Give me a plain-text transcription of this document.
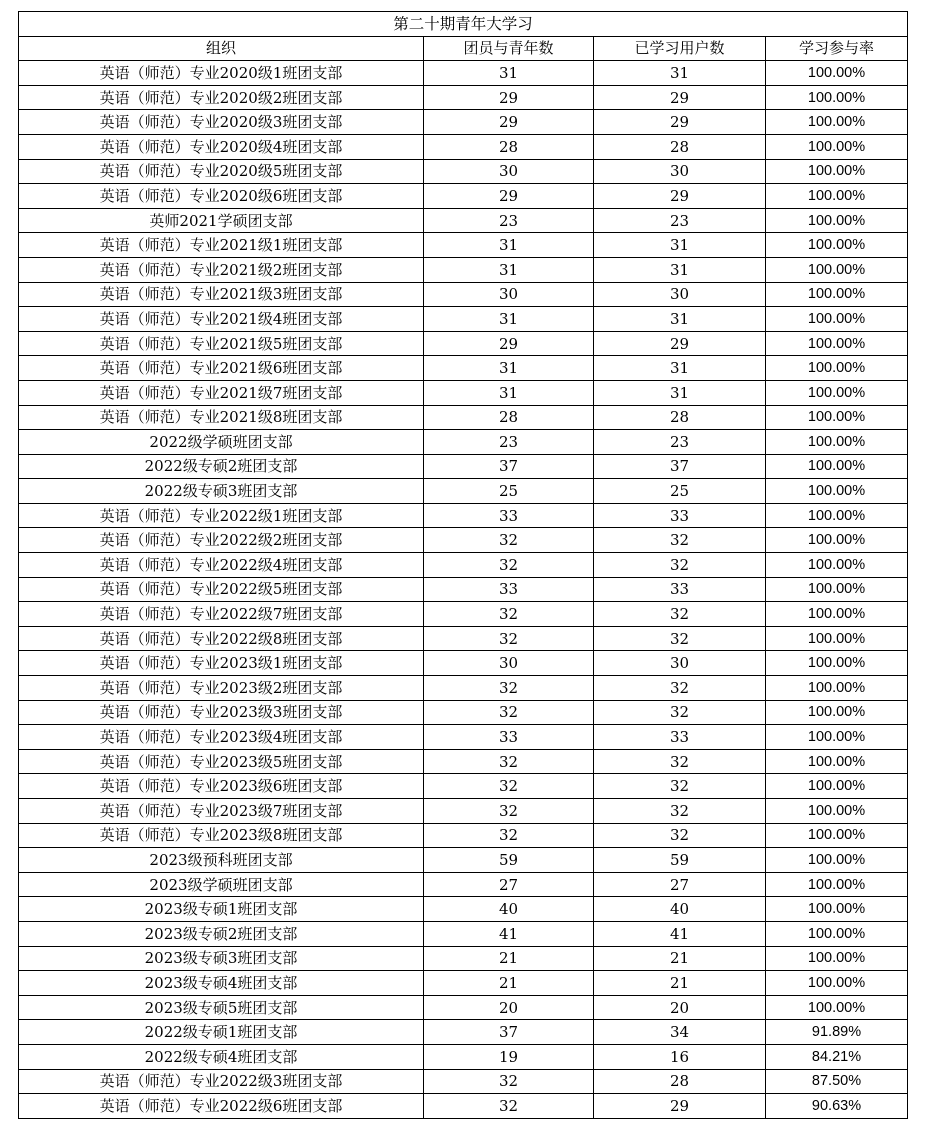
第二十期青年大学习			
组织	团员与青年数	已学习用户数	学习参与率
英语（师范）专业2020级1班团支部	31	31	100.00%
英语（师范）专业2020级2班团支部	29	29	100.00%
英语（师范）专业2020级3班团支部	29	29	100.00%
英语（师范）专业2020级4班团支部	28	28	100.00%
英语（师范）专业2020级5班团支部	30	30	100.00%
英语（师范）专业2020级6班团支部	29	29	100.00%
英师2021学硕团支部	23	23	100.00%
英语（师范）专业2021级1班团支部	31	31	100.00%
英语（师范）专业2021级2班团支部	31	31	100.00%
英语（师范）专业2021级3班团支部	30	30	100.00%
英语（师范）专业2021级4班团支部	31	31	100.00%
英语（师范）专业2021级5班团支部	29	29	100.00%
英语（师范）专业2021级6班团支部	31	31	100.00%
英语（师范）专业2021级7班团支部	31	31	100.00%
英语（师范）专业2021级8班团支部	28	28	100.00%
2022级学硕班团支部	23	23	100.00%
2022级专硕2班团支部	37	37	100.00%
2022级专硕3班团支部	25	25	100.00%
英语（师范）专业2022级1班团支部	33	33	100.00%
英语（师范）专业2022级2班团支部	32	32	100.00%
英语（师范）专业2022级4班团支部	32	32	100.00%
英语（师范）专业2022级5班团支部	33	33	100.00%
英语（师范）专业2022级7班团支部	32	32	100.00%
英语（师范）专业2022级8班团支部	32	32	100.00%
英语（师范）专业2023级1班团支部	30	30	100.00%
英语（师范）专业2023级2班团支部	32	32	100.00%
英语（师范）专业2023级3班团支部	32	32	100.00%
英语（师范）专业2023级4班团支部	33	33	100.00%
英语（师范）专业2023级5班团支部	32	32	100.00%
英语（师范）专业2023级6班团支部	32	32	100.00%
英语（师范）专业2023级7班团支部	32	32	100.00%
英语（师范）专业2023级8班团支部	32	32	100.00%
2023级预科班团支部	59	59	100.00%
2023级学硕班团支部	27	27	100.00%
2023级专硕1班团支部	40	40	100.00%
2023级专硕2班团支部	41	41	100.00%
2023级专硕3班团支部	21	21	100.00%
2023级专硕4班团支部	21	21	100.00%
2023级专硕5班团支部	20	20	100.00%
2022级专硕1班团支部	37	34	91.89%
2022级专硕4班团支部	19	16	84.21%
英语（师范）专业2022级3班团支部	32	28	87.50%
英语（师范）专业2022级6班团支部	32	29	90.63%
